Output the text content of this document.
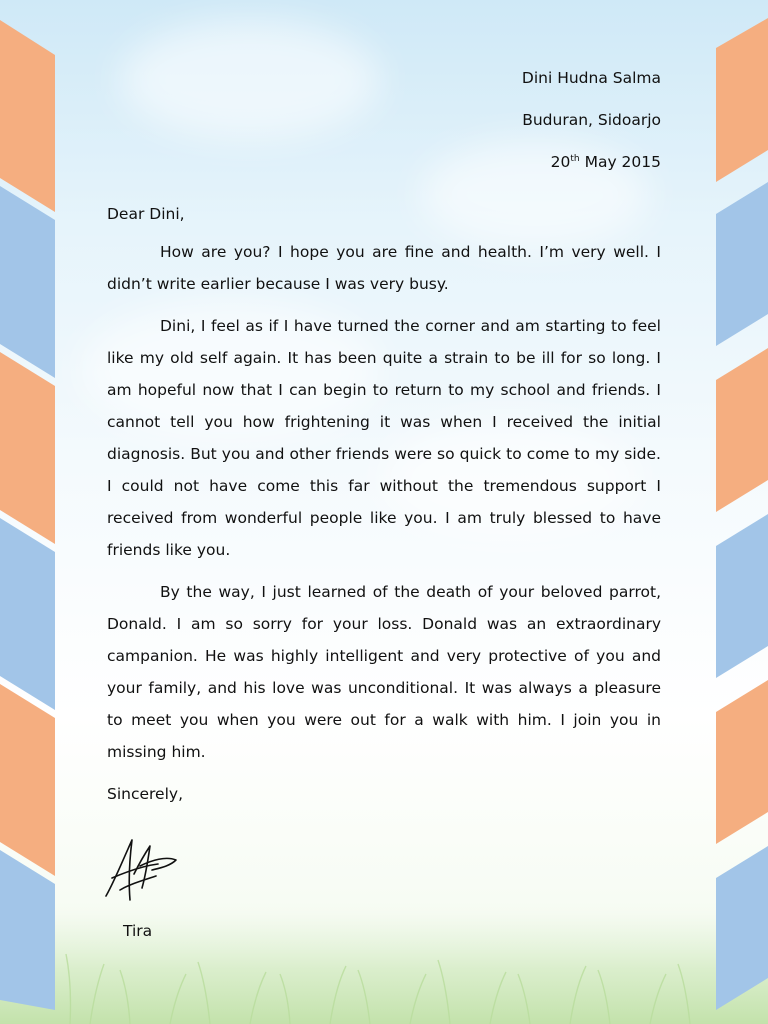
Dini Hudna Salma
Buduran, Sidoarjo
20th May 2015

Dear Dini,

How are you? I hope you are fine and health. I’m very well. I didn’t write earlier because I was very busy.

Dini, I feel as if I have turned the corner and am starting to feel like my old self again. It has been quite a strain to be ill for so long. I am hopeful now that I can begin to return to my school and friends. I cannot tell you how frightening it was when I received the initial diagnosis. But you and other friends were so quick to come to my side. I could not have come this far without the tremendous support I received from wonderful people like you. I am truly blessed to have friends like you.

By the way, I just learned of the death of your beloved parrot, Donald. I am so sorry for your loss. Donald was an extraordinary campanion. He was highly intelligent and very protective of you and your family, and his love was unconditional. It was always a pleasure to meet you when you were out for a walk with him. I join you in missing him.

Sincerely,

Tira
